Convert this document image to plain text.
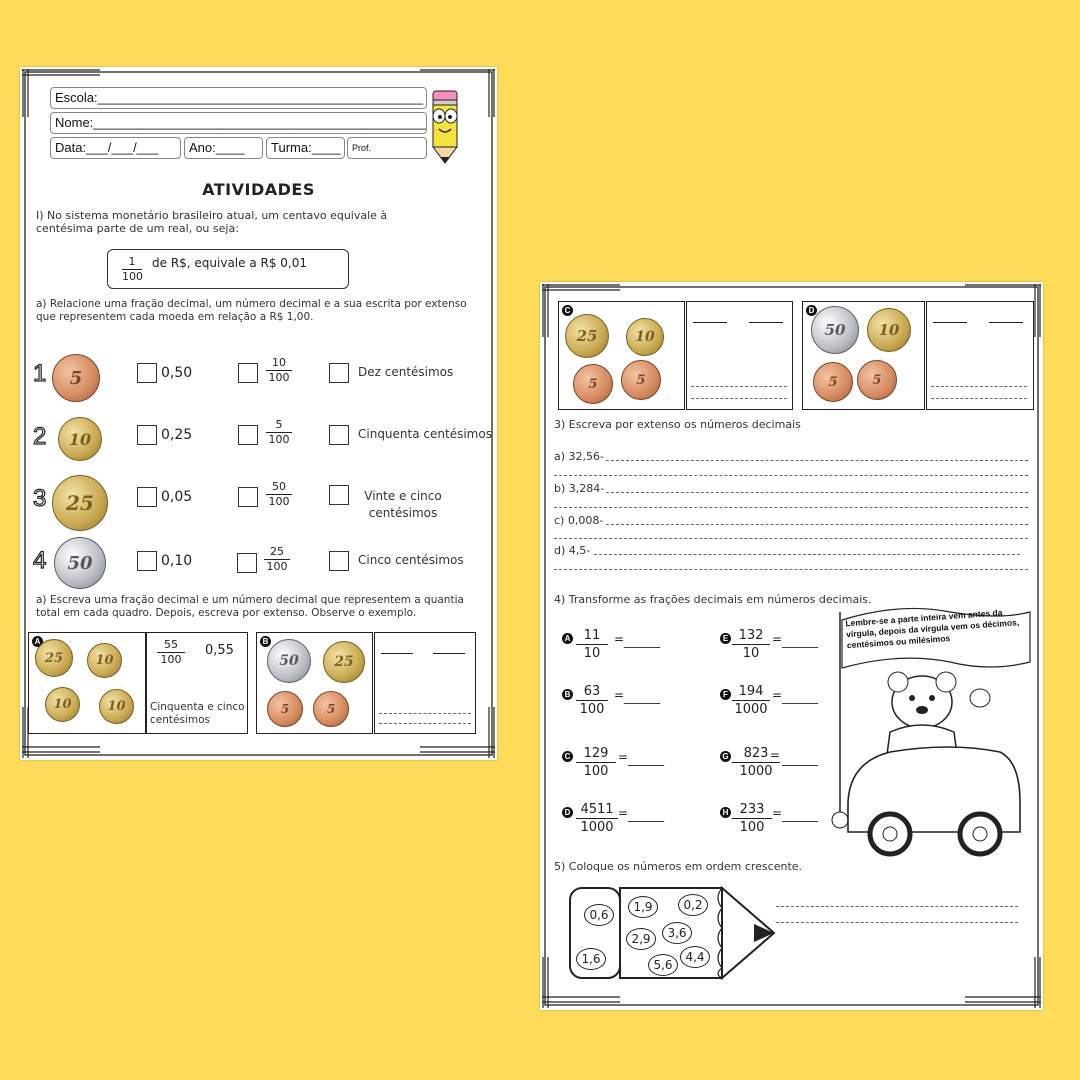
Escola:_____________________________________________
Nome:______________________________________________
Data:___/___/___	Ano:____	Turma:____	Prof.
ATIVIDADES
I) No sistema monetário brasileiro atual, um centavo equivale à centésima parte de um real, ou seja:
$\frac{1}{100}$ de R$, equivale a R$ 0,01
a) Relacione uma fração decimal, um número decimal e a sua escrita por extenso que representem cada moeda em relação a R$ 1,00.
1	5	0,50	$\frac{10}{100}$	Dez centésimos
2	10	0,25	$\frac{5}{100}$	Cinquenta centésimos
3 25	0,05	$\frac{50}{100}$	Vinte e cinco centésimos
4	50	0,10	$\frac{25}{100}$	Cinco centésimos
a) Escreva uma fração decimal e um número decimal que representem a quantia total em cada quadro. Depois, escreva por extenso. Observe o exemplo.
A
25	10
10	10
$\frac{55}{100} 0,55$
Cinquenta e cinco centésimos
B
50	25
5	5
C
25	10
5	5
D
50	10
5	5
3) Escreva por extenso os números decimais
a) 32,56-
b) 3,284-
c) 0,008-
d) 4,5-
4) Transforme as frações decimais em números decimais.
A $\frac{11}{10}$ = ______
B $\frac{63}{100}$ = ______
C $\frac{129}{100}$ = ______
D $\frac{4511}{1000}$ = ______
E $\frac{132}{10}$ = ______
F $\frac{194}{1000}$ = ______
G $\frac{823}{1000}$
= ______
H $\frac{233}{100}$ = ______
Lembre-se a parte inteira vem antes da vírgula, depois da vírgula vem os décimos, centésimos ou milésimos
5) Coloque os números em ordem crescente.
0,6
1,6
1,9	0,2
2,9	3,6
5,6
4,4
